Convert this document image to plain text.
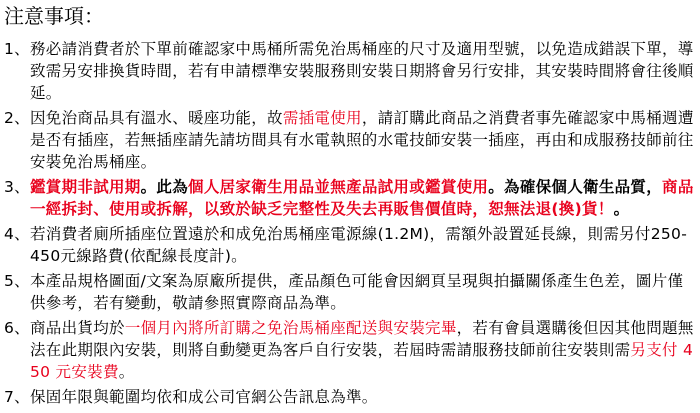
注意事項：
1、 務必請消費者於下單前確認家中馬桶所需免治馬桶座的尺寸及適用型號，以免造成錯誤下單，導致需另安排換貨時間，若有申請標準安裝服務則安裝日期將會另行安排，其安裝時間將會往後順延。
2、 因免治商品具有溫水、暖座功能，故需插電使用，請訂購此商品之消費者事先確認家中馬桶週遭是否有插座，若無插座請先請坊間具有水電執照的水電技師安裝一插座，再由和成服務技師前往安裝免治馬桶座。
3、 鑑賞期非試用期。此為個人居家衛生用品並無產品試用或鑑賞使用。為確保個人衛生品質，商品一經拆封、使用或拆解，以致於缺乏完整性及失去再販售價值時，恕無法退(換)貨！。
4、 若消費者廁所插座位置遠於和成免治馬桶座電源線(1.2M)，需額外設置延長線，則需另付250-450元線路費(依配線長度計)。
5、 本產品規格圖面/文案為原廠所提供，產品顏色可能會因網頁呈現與拍攝關係產生色差，圖片僅供參考，若有變動，敬請參照實際商品為準。
6、 商品出貨均於一個月內將所訂購之免治馬桶座配送與安裝完畢，若有會員選購後但因其他問題無法在此期限內安裝，則將自動變更為客戶自行安裝，若屆時需請服務技師前往安裝則需另支付 450 元安裝費。
7、 保固年限與範圍均依和成公司官網公告訊息為準。
